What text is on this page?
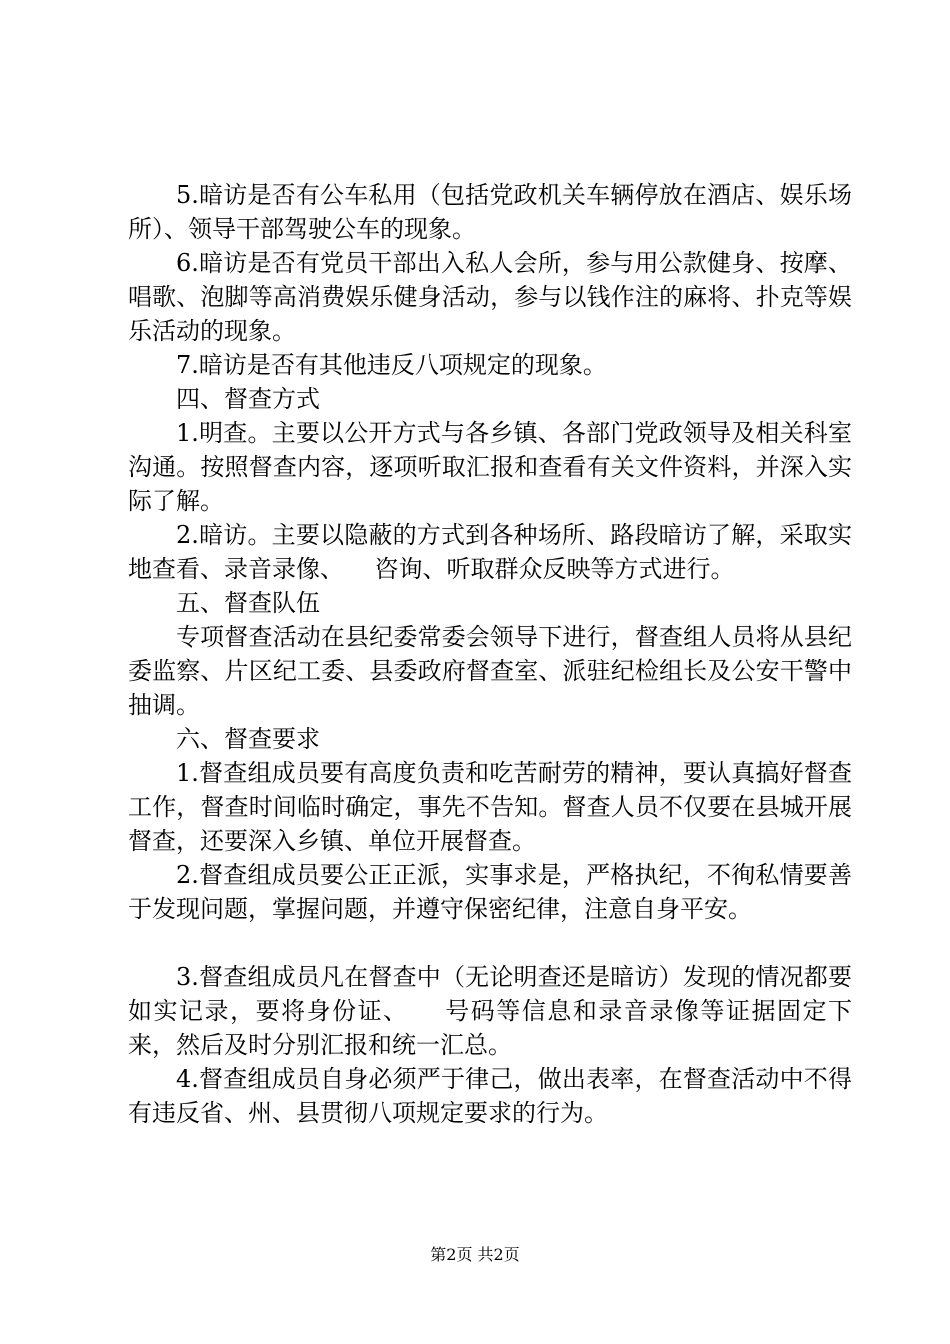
5.暗访是否有公车私用（包括党政机关车辆停放在酒店、娱乐场所）、领导干部驾驶公车的现象。

6.暗访是否有党员干部出入私人会所，参与用公款健身、按摩、唱歌、泡脚等高消费娱乐健身活动，参与以钱作注的麻将、扑克等娱乐活动的现象。

7.暗访是否有其他违反八项规定的现象。

四、督查方式

1.明查。主要以公开方式与各乡镇、各部门党政领导及相关科室沟通。按照督查内容，逐项听取汇报和查看有关文件资料，并深入实际了解。

2.暗访。主要以隐蔽的方式到各种场所、路段暗访了解，采取实地查看、录音录像、    咨询、听取群众反映等方式进行。

五、督查队伍

专项督查活动在县纪委常委会领导下进行，督查组人员将从县纪委监察、片区纪工委、县委政府督查室、派驻纪检组长及公安干警中抽调。

六、督查要求

1.督查组成员要有高度负责和吃苦耐劳的精神，要认真搞好督查工作，督查时间临时确定，事先不告知。督查人员不仅要在县城开展督查，还要深入乡镇、单位开展督查。

2.督查组成员要公正正派，实事求是，严格执纪，不徇私情要善于发现问题，掌握问题，并遵守保密纪律，注意自身平安。

3.督查组成员凡在督查中（无论明查还是暗访）发现的情况都要如实记录，要将身份证、    号码等信息和录音录像等证据固定下来，然后及时分别汇报和统一汇总。

4.督查组成员自身必须严于律己，做出表率，在督查活动中不得有违反省、州、县贯彻八项规定要求的行为。

第2页 共2页
